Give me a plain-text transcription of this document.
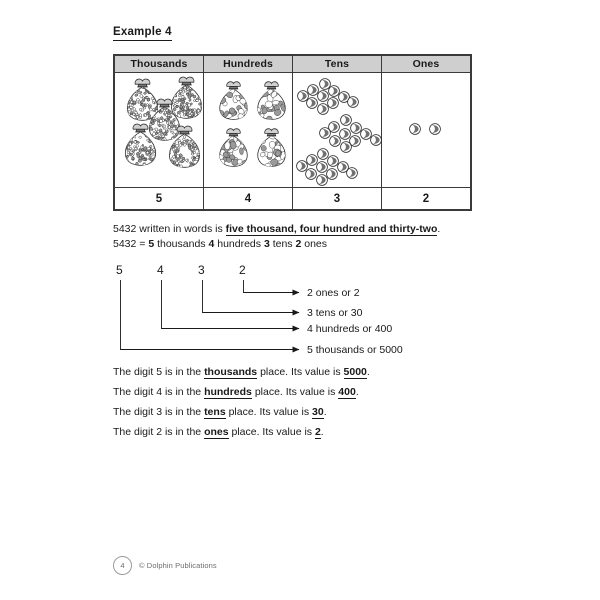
Example 4
Thousands	Hundreds	Tens	Ones

5	4	3	2
5432 written in words is five thousand, four hundred and thirty-two.
5432 = 5 thousands 4 hundreds 3 tens 2 ones
5	4	3	2
2 ones or 2
3 tens or 30
4 hundreds or 400
5 thousands or 5000
The digit 5 is in the thousands place. Its value is 5000.
The digit 4 is in the hundreds place. Its value is 400.
The digit 3 is in the tens place. Its value is 30.
The digit 2 is in the ones place. Its value is 2.
4	© Dolphin Publications
